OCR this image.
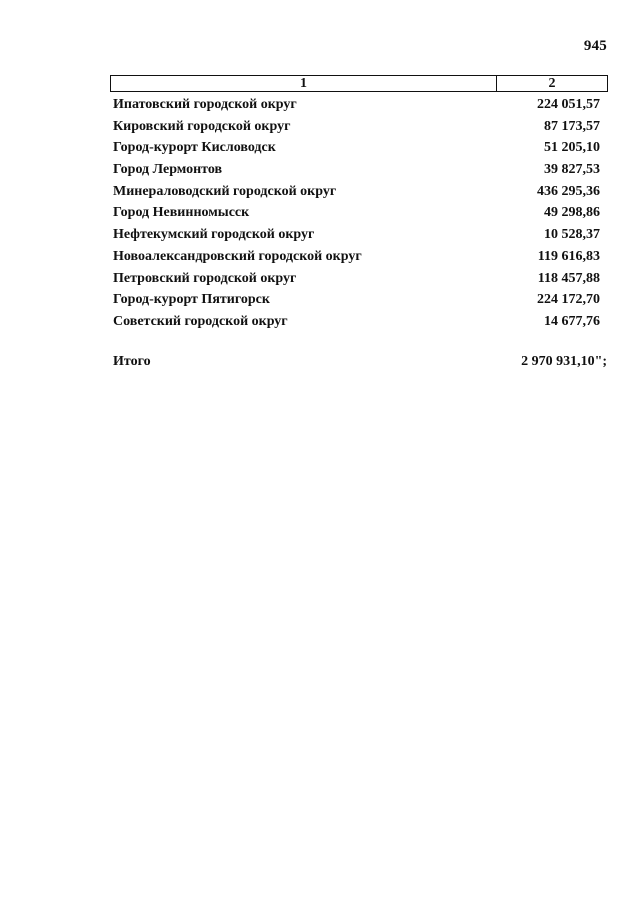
945
1	2
Ипатовский городской округ	224 051,57
Кировский городской округ	87 173,57
Город-курорт Кисловодск	51 205,10
Город Лермонтов	39 827,53
Минераловодский городской округ	436 295,36
Город Невинномысск	49 298,86
Нефтекумский городской округ	10 528,37
Новоалександровский городской округ	119 616,83
Петровский городской округ	118 457,88
Город-курорт Пятигорск	224 172,70
Советский городской округ	14 677,76
Итого	2 970 931,10";
